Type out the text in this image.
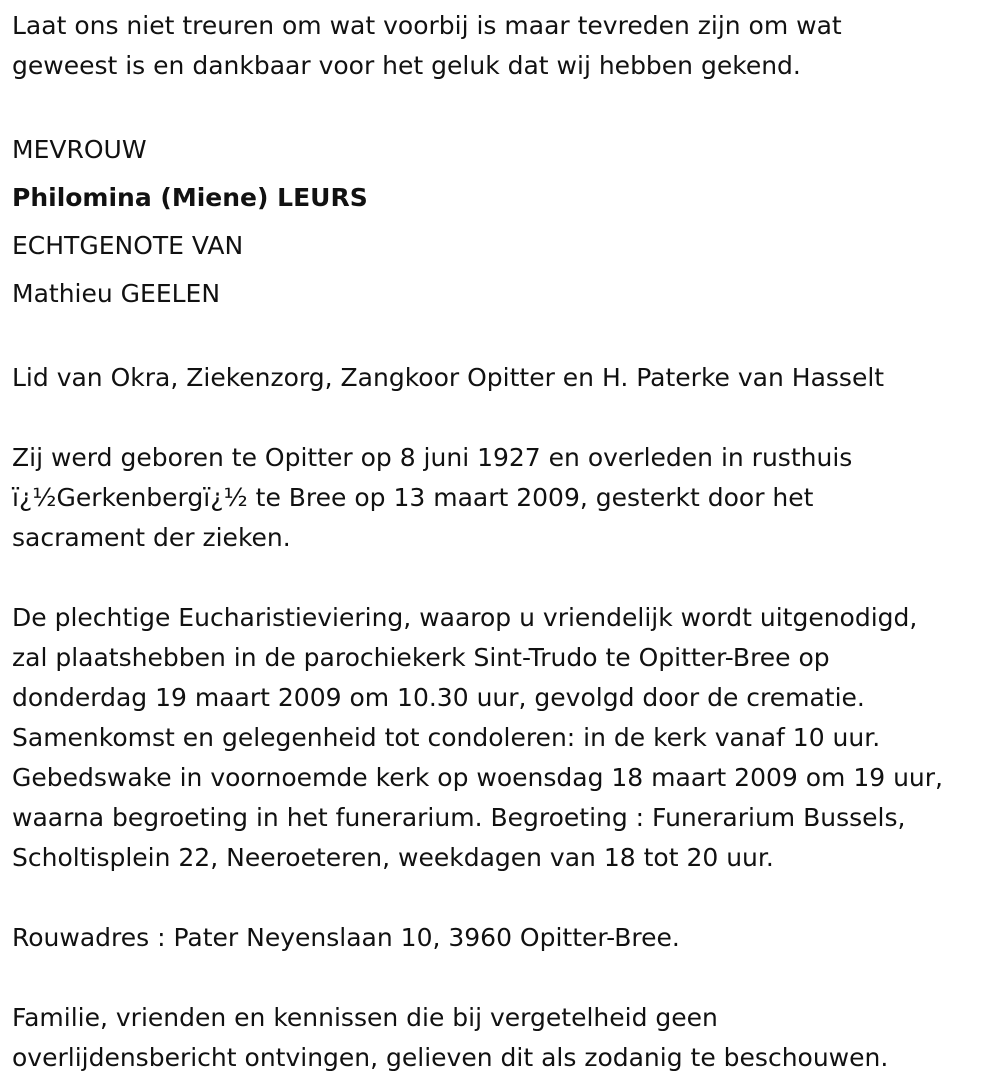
Laat ons niet treuren om wat voorbij is maar tevreden zijn om wat

geweest is en dankbaar voor het geluk dat wij hebben gekend.

MEVROUW

Philomina (Miene) LEURS

ECHTGENOTE VAN

Mathieu GEELEN

Lid van Okra, Ziekenzorg, Zangkoor Opitter en H. Paterke van Hasselt

Zij werd geboren te Opitter op 8 juni 1927 en overleden in rusthuis

ï¿½Gerkenbergï¿½ te Bree op 13 maart 2009, gesterkt door het

sacrament der zieken.

De plechtige Eucharistieviering, waarop u vriendelijk wordt uitgenodigd,

zal plaatshebben in de parochiekerk Sint-Trudo te Opitter-Bree op

donderdag 19 maart 2009 om 10.30 uur, gevolgd door de crematie.

Samenkomst en gelegenheid tot condoleren: in de kerk vanaf 10 uur.

Gebedswake in voornoemde kerk op woensdag 18 maart 2009 om 19 uur,

waarna begroeting in het funerarium. Begroeting : Funerarium Bussels,

Scholtisplein 22, Neeroeteren, weekdagen van 18 tot 20 uur.

Rouwadres : Pater Neyenslaan 10, 3960 Opitter-Bree.

Familie, vrienden en kennissen die bij vergetelheid geen

overlijdensbericht ontvingen, gelieven dit als zodanig te beschouwen.
